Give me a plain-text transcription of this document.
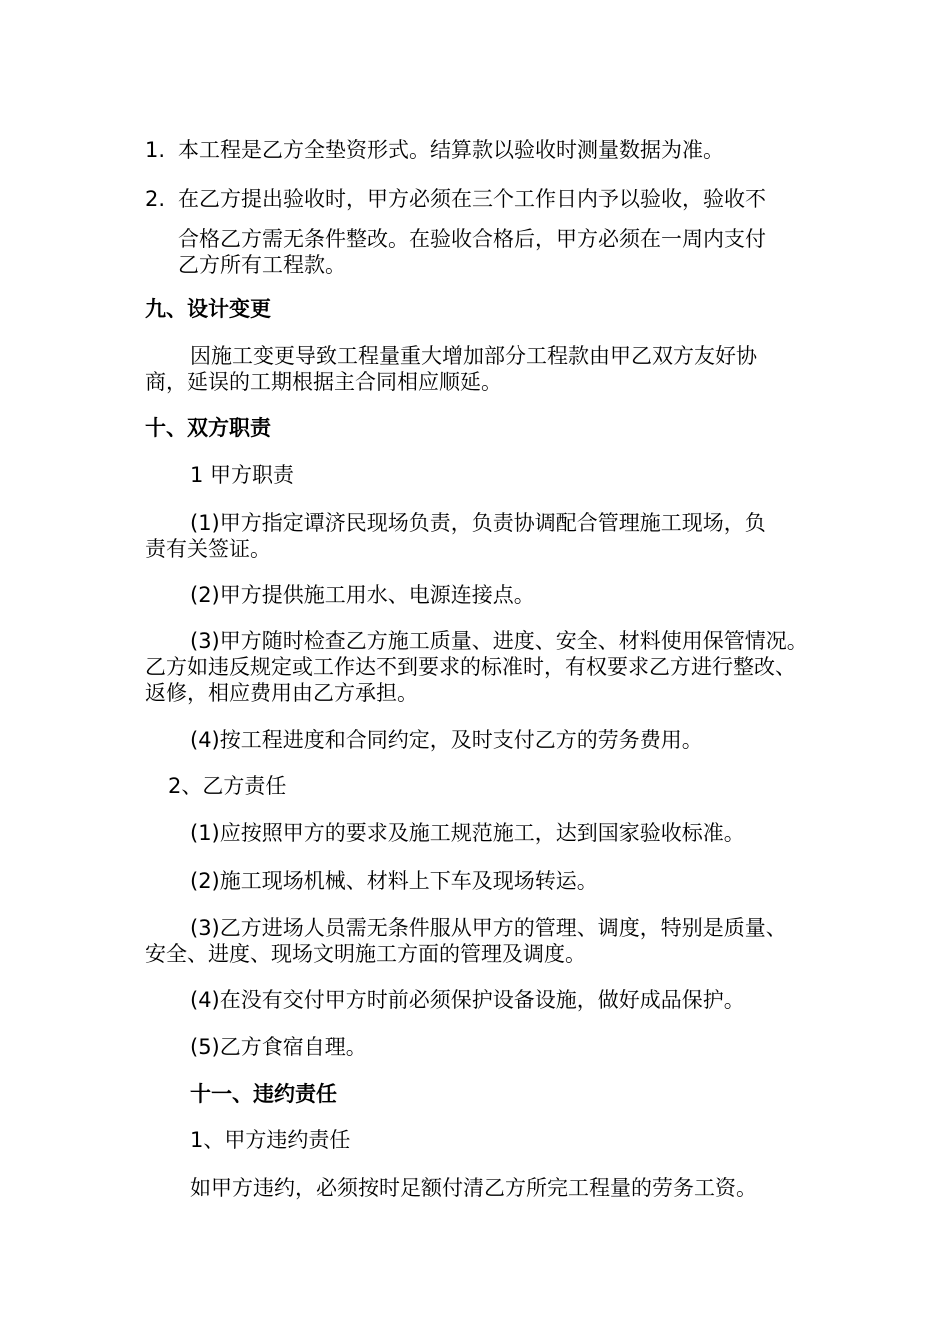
1. 本工程是乙方全垫资形式。结算款以验收时测量数据为准。
2. 在乙方提出验收时，甲方必须在三个工作日内予以验收，验收不
合格乙方需无条件整改。在验收合格后，甲方必须在一周内支付
乙方所有工程款。
九、设计变更
因施工变更导致工程量重大增加部分工程款由甲乙双方友好协
商，延误的工期根据主合同相应顺延。
十、双方职责
1 甲方职责
(1)甲方指定谭济民现场负责，负责协调配合管理施工现场，负
责有关签证。
(2)甲方提供施工用水、电源连接点。
(3)甲方随时检查乙方施工质量、进度、安全、材料使用保管情况。
乙方如违反规定或工作达不到要求的标准时，有权要求乙方进行整改、
返修，相应费用由乙方承担。
(4)按工程进度和合同约定，及时支付乙方的劳务费用。
2、乙方责任
(1)应按照甲方的要求及施工规范施工，达到国家验收标准。
(2)施工现场机械、材料上下车及现场转运。
(3)乙方进场人员需无条件服从甲方的管理、调度，特别是质量、
安全、进度、现场文明施工方面的管理及调度。
(4)在没有交付甲方时前必须保护设备设施，做好成品保护。
(5)乙方食宿自理。
十一、违约责任
1、甲方违约责任
如甲方违约，必须按时足额付清乙方所完工程量的劳务工资。
